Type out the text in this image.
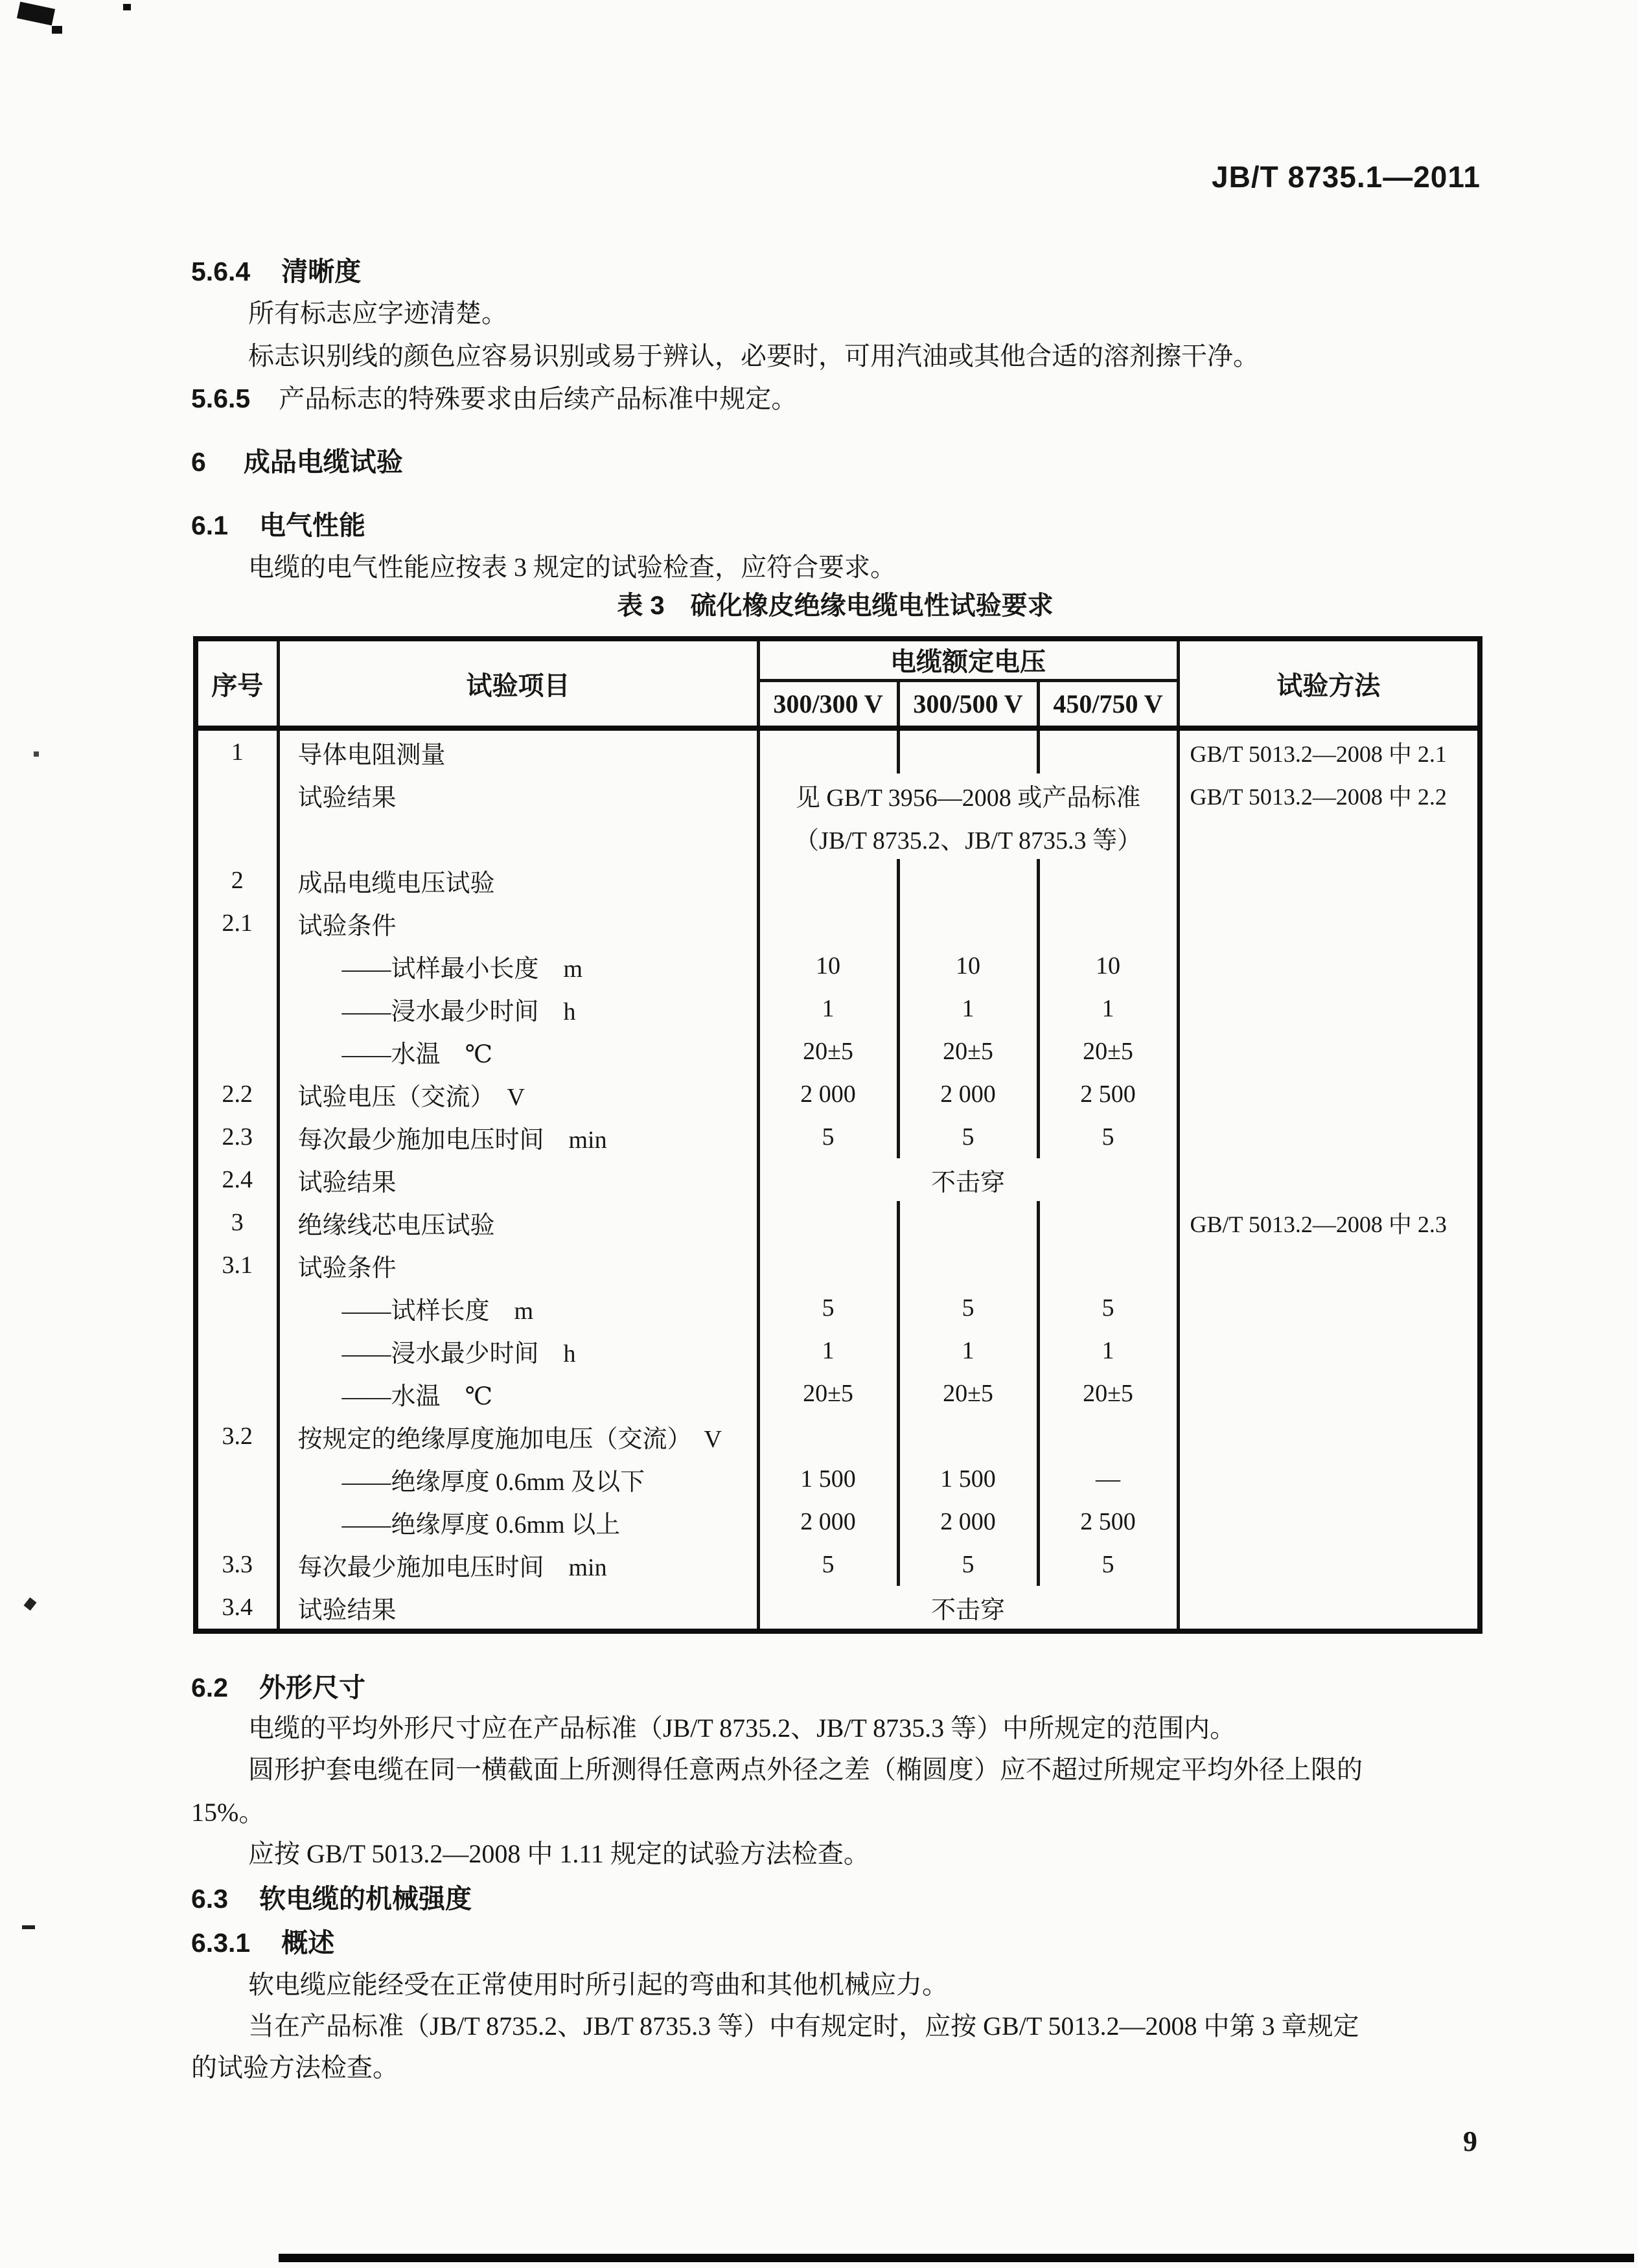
JB/T 8735.1—2011
5.6.4 清晰度
所有标志应字迹清楚。
标志识别线的颜色应容易识别或易于辨认，必要时，可用汽油或其他合适的溶剂擦干净。
5.6.5 产品标志的特殊要求由后续产品标准中规定。
6 成品电缆试验
6.1 电气性能
电缆的电气性能应按表 3 规定的试验检查，应符合要求。
表 3　硫化橡皮绝缘电缆电性试验要求
序号	试验项目	电缆额定电压			试验方法
		300/300 V	300/500 V	450/750 V	
1	导体电阻测量				GB/T 5013.2—2008 中 2.1
	试验结果	见 GB/T 3956—2008 或产品标准			GB/T 5013.2—2008 中 2.2
		（JB/T 8735.2、JB/T 8735.3 等）			
2	成品电缆电压试验				
2.1	试验条件				
	——试样最小长度　m	10	10	10	
	——浸水最少时间　h	1	1	1	
	——水温　℃	20±5	20±5	20±5	
2.2	试验电压（交流）　V	2 000	2 000	2 500	
2.3	每次最少施加电压时间　min	5	5	5	
2.4	试验结果	不击穿			
3	绝缘线芯电压试验				GB/T 5013.2—2008 中 2.3
3.1	试验条件				
	——试样长度　m	5	5	5	
	——浸水最少时间　h	1	1	1	
	——水温　℃	20±5	20±5	20±5	
3.2	按规定的绝缘厚度施加电压（交流）　V				
	——绝缘厚度 0.6mm 及以下	1 500	1 500	—	
	——绝缘厚度 0.6mm 以上	2 000	2 000	2 500	
3.3	每次最少施加电压时间　min	5	5	5	
3.4	试验结果	不击穿			
6.2 外形尺寸
电缆的平均外形尺寸应在产品标准（JB/T 8735.2、JB/T 8735.3 等）中所规定的范围内。
圆形护套电缆在同一横截面上所测得任意两点外径之差（椭圆度）应不超过所规定平均外径上限的
15%。
应按 GB/T 5013.2—2008 中 1.11 规定的试验方法检查。
6.3 软电缆的机械强度
6.3.1 概述
软电缆应能经受在正常使用时所引起的弯曲和其他机械应力。
当在产品标准（JB/T 8735.2、JB/T 8735.3 等）中有规定时，应按 GB/T 5013.2—2008 中第 3 章规定
的试验方法检查。
9
